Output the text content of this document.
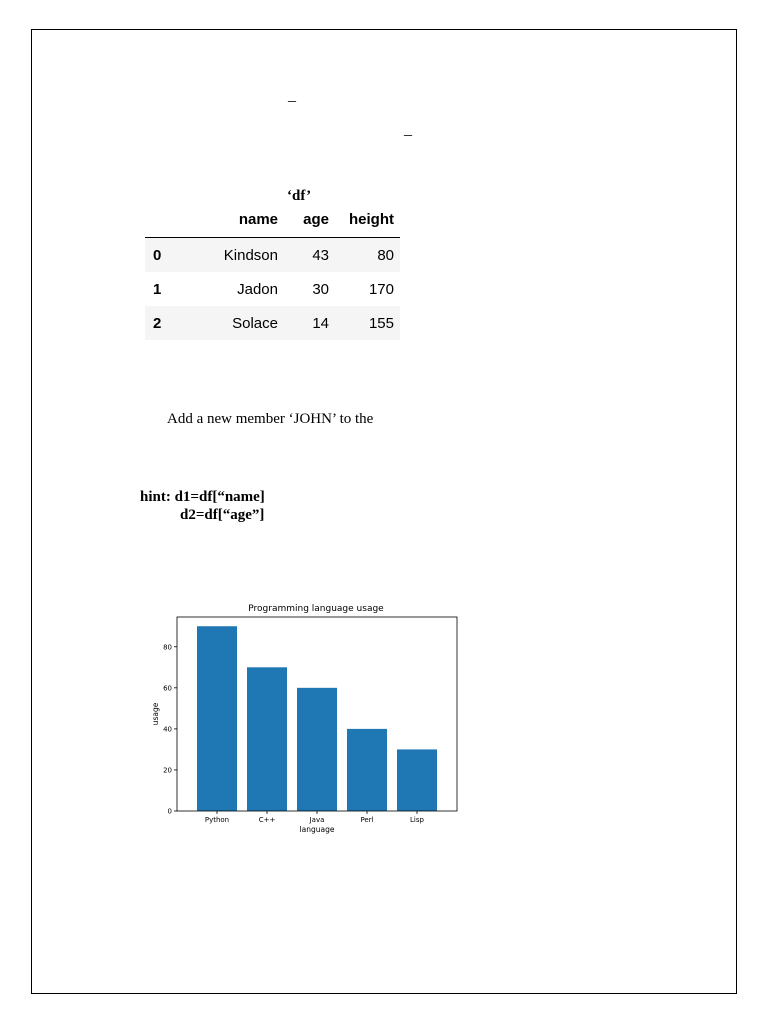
_
_
‘df’
	name	age	height
0	Kindson	43	80
1	Jadon	30	170
2	Solace	14	155
Add a new member ‘JOHN’ to the
hint: d1=df[“name]
d2=df[“age”]
Programming language usage
0
20
40
60
80
Python	C++	Java	Perl	Lisp
language
usage
